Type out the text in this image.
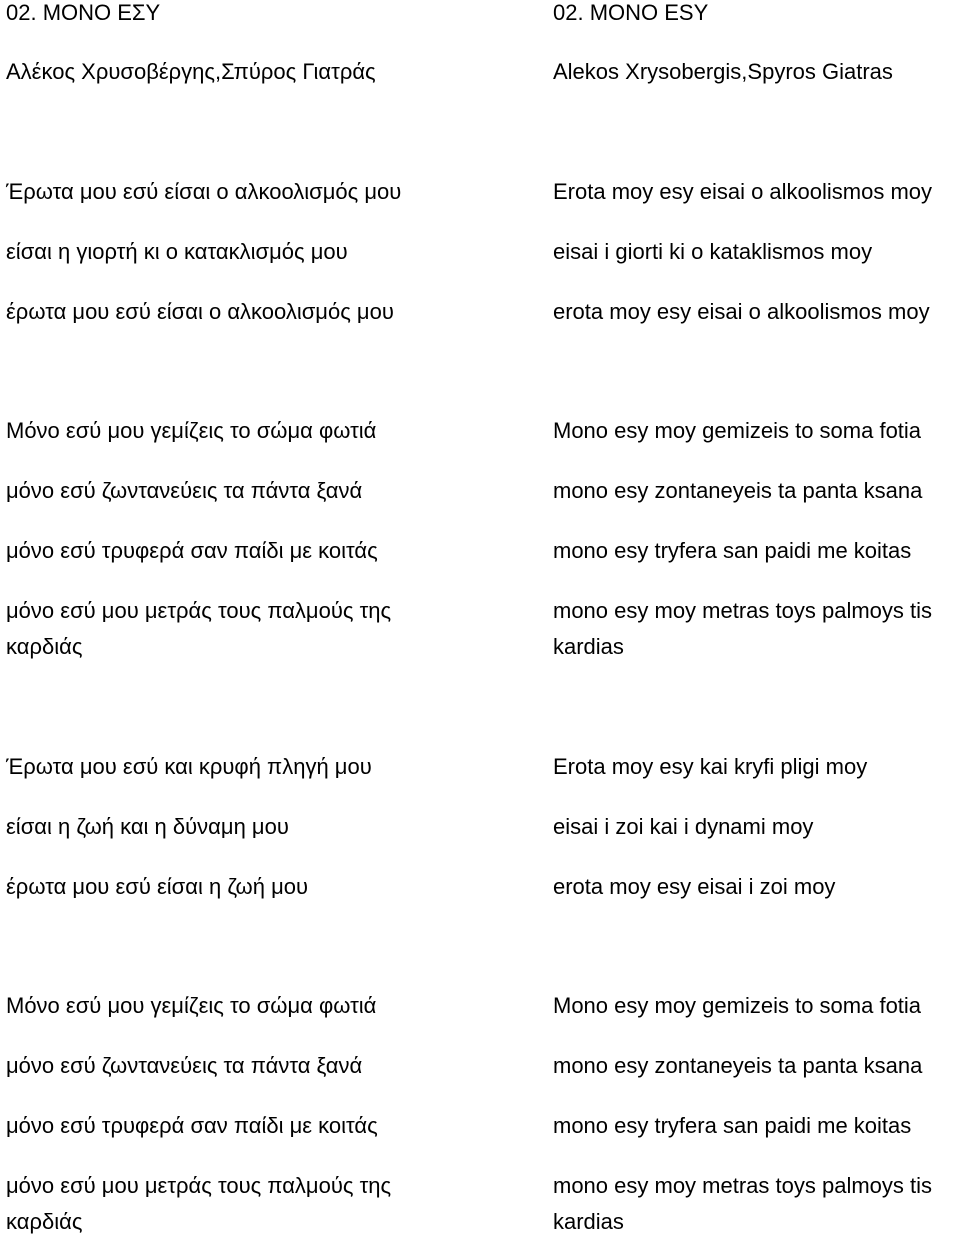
02. ΜΟΝΟ ΕΣΥ
Αλέκος Χρυσοβέργης,Σπύρος Γιατράς
Έρωτα μου εσύ είσαι ο αλκοολισμός μου
είσαι η γιορτή κι ο κατακλισμός μου
έρωτα μου εσύ είσαι ο αλκοολισμός μου
Μόνο εσύ μου γεμίζεις το σώμα φωτιά
μόνο εσύ ζωντανεύεις τα πάντα ξανά
μόνο εσύ τρυφερά σαν παίδι με κοιτάς
μόνο εσύ μου μετράς τους παλμούς της καρδιάς
Έρωτα μου εσύ και κρυφή πληγή μου
είσαι η ζωή και η δύναμη μου
έρωτα μου εσύ είσαι η ζωή μου
Μόνο εσύ μου γεμίζεις το σώμα φωτιά
μόνο εσύ ζωντανεύεις τα πάντα ξανά
μόνο εσύ τρυφερά σαν παίδι με κοιτάς
μόνο εσύ μου μετράς τους παλμούς της καρδιάς
02. MONO ESY
Alekos Xrysobergis,Spyros Giatras
Erota moy esy eisai o alkoolismos moy
eisai i giorti ki o kataklismos moy
erota moy esy eisai o alkoolismos moy
Mono esy moy gemizeis to soma fotia
mono esy zontaneyeis ta panta ksana
mono esy tryfera san paidi me koitas
mono esy moy metras toys palmoys tis kardias
Erota moy esy kai kryfi pligi moy
eisai i zoi kai i dynami moy
erota moy esy eisai i zoi moy
Mono esy moy gemizeis to soma fotia
mono esy zontaneyeis ta panta ksana
mono esy tryfera san paidi me koitas
mono esy moy metras toys palmoys tis kardias
